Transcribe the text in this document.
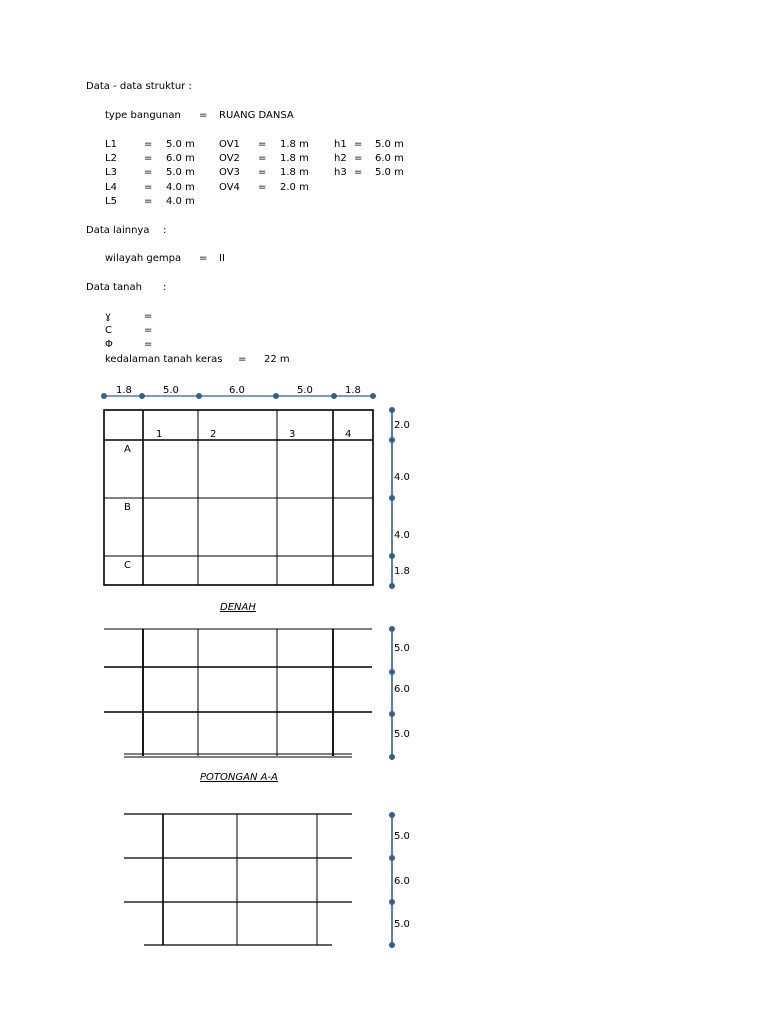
Data - data struktur :
type bangunan = RUANG DANSA
L1	= 5.0 m OV1 = 1.8 m	h1 = 5.0 m
L2	= 6.0 m OV2 = 1.8 m	h2 = 6.0 m
L3	= 5.0 m OV3 = 1.8 m	h3 = 5.0 m
L4	= 4.0 m OV4 = 2.0 m
L5	= 4.0 m
Data lainnya :
wilayah gempa = II
Data tanah :
ɣ	=
C	=
Φ	=
kedalaman tanah keras = 22 m
1.8	5.0	6.0	5.0	1.8
1	2	3	4
A
B
C
2.0
4.0
4.0
1.8
5.0
6.0
5.0
5.0
6.0
5.0
DENAH
POTONGAN A-A
